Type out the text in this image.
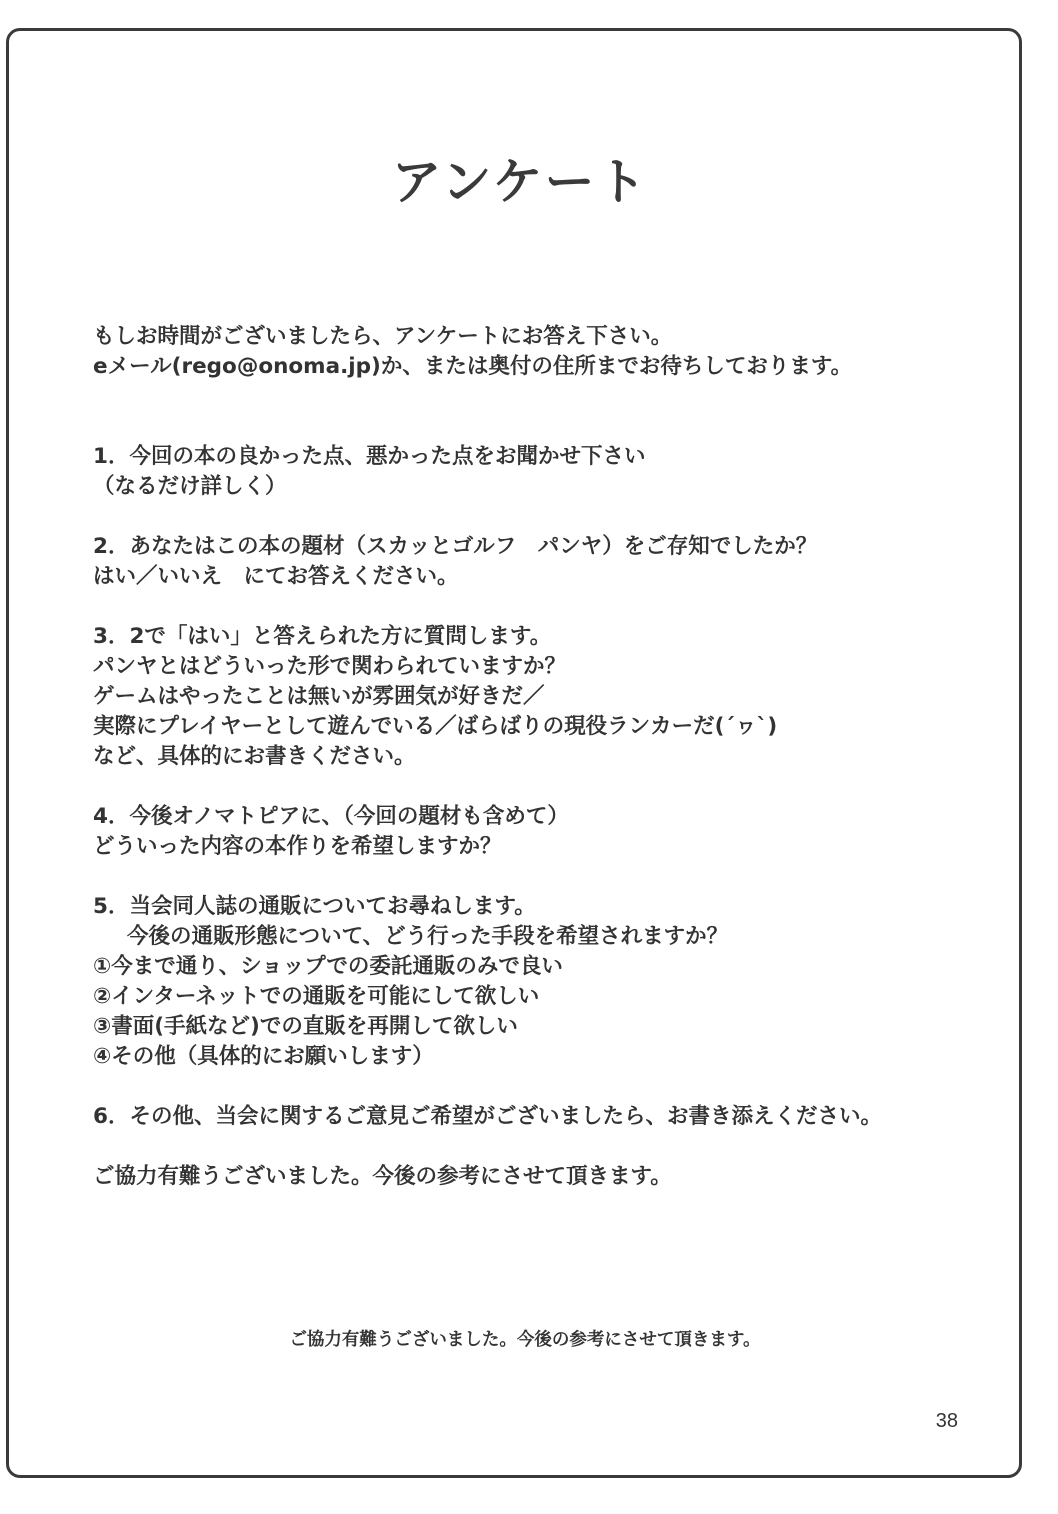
アンケート
もしお時間がございましたら、アンケートにお答え下さい。
eメール(rego@onoma.jp)か、または奥付の住所までお待ちしております。
1．今回の本の良かった点、悪かった点をお聞かせ下さい
（なるだけ詳しく）
2．あなたはこの本の題材（スカッとゴルフ　パンヤ）をご存知でしたか？
はい／いいえ　にてお答えください。
3．2で「はい」と答えられた方に質問します。
パンヤとはどういった形で関わられていますか？
ゲームはやったことは無いが雰囲気が好きだ／
実際にプレイヤーとして遊んでいる／ばらばりの現役ランカーだ(´ヮ`)
など、具体的にお書きください。
4．今後オノマトピアに、（今回の題材も含めて）
どういった内容の本作りを希望しますか？
5．当会同人誌の通販についてお尋ねします。
今後の通販形態について、どう行った手段を希望されますか？
①今まで通り、ショップでの委託通販のみで良い
②インターネットでの通販を可能にして欲しい
③書面(手紙など)での直販を再開して欲しい
④その他（具体的にお願いします）
6．その他、当会に関するご意見ご希望がございましたら、お書き添えください。
ご協力有難うございました。今後の参考にさせて頂きます。
ご協力有難うございました。今後の参考にさせて頂きます。
38
